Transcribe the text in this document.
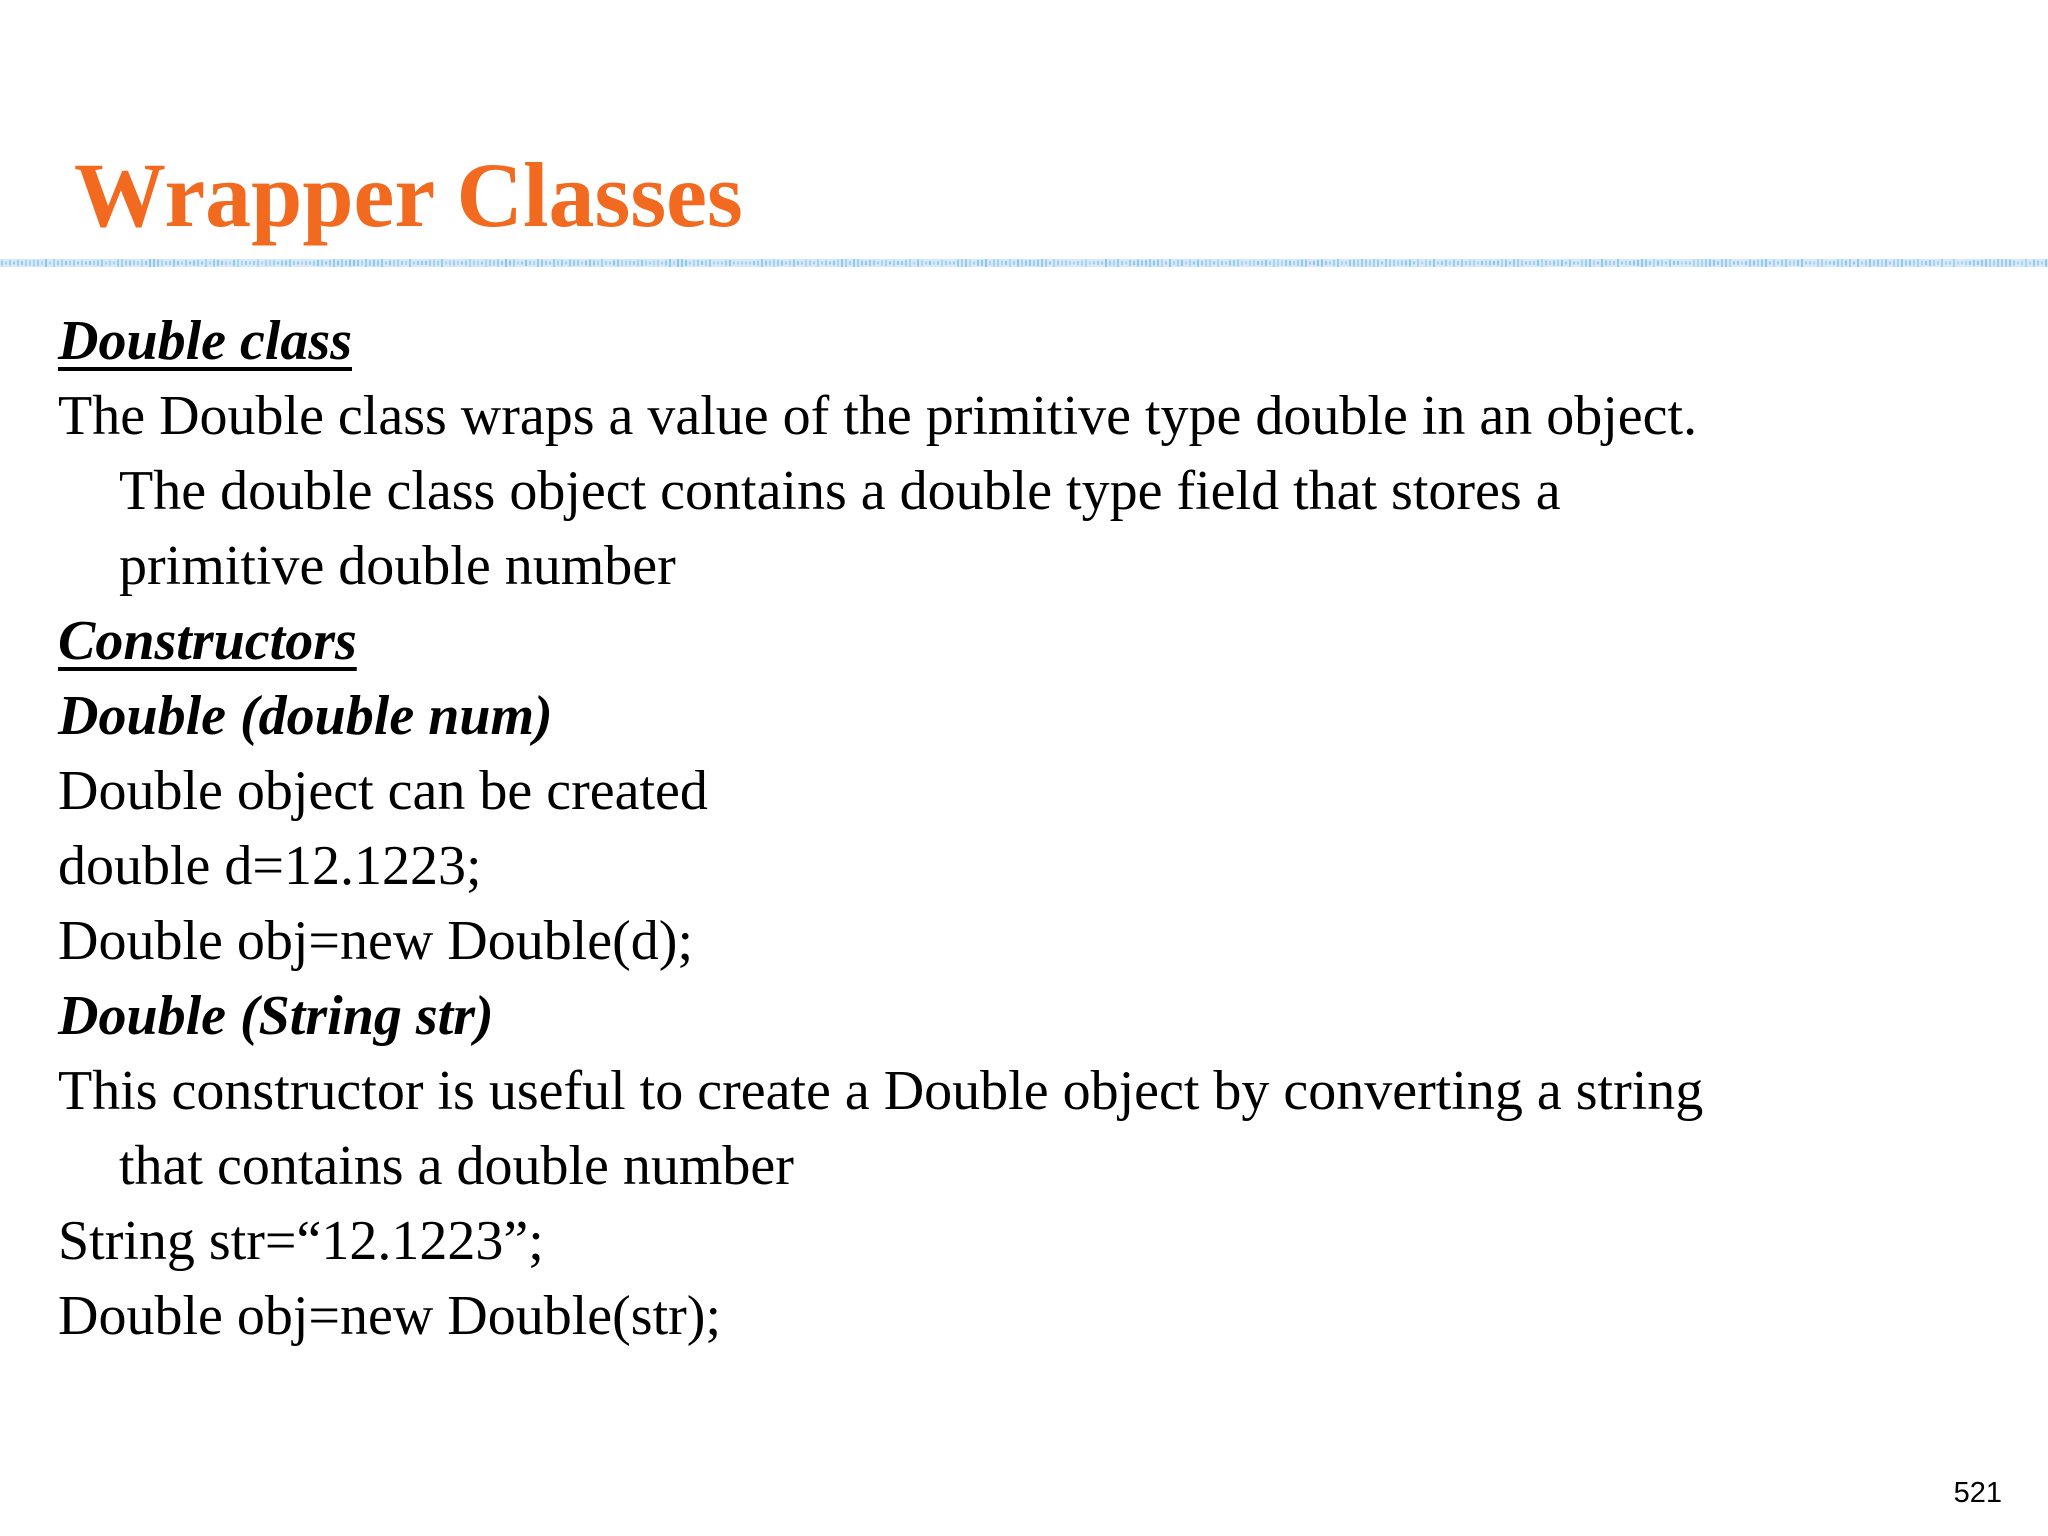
Wrapper Classes
Double class
The Double class wraps a value of the primitive type double in an object.
The double class object contains a double type field that stores a
primitive double number
Constructors
Double (double num)
Double object can be created
double d=12.1223;
Double obj=new Double(d);
Double (String str)
This constructor is useful to create a Double object by converting a string
that contains a double number
String str=“12.1223”;
Double obj=new Double(str);
521
